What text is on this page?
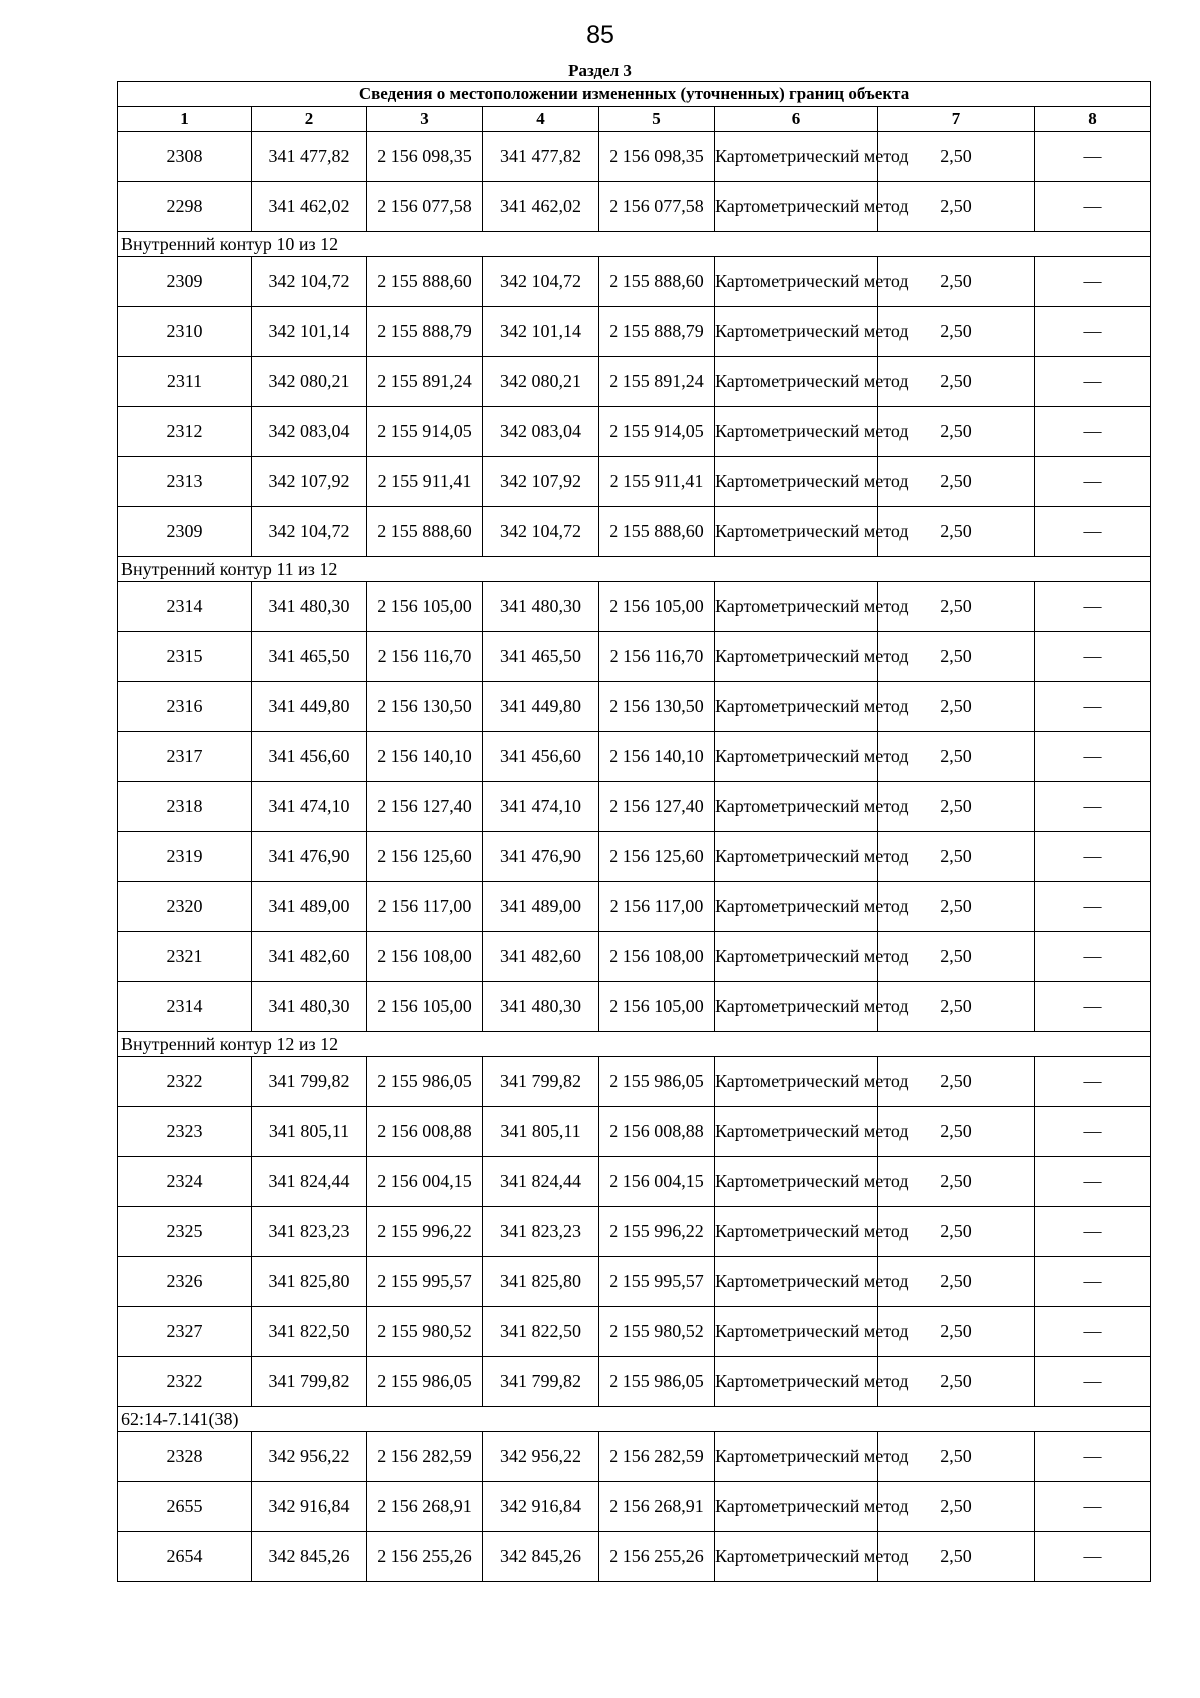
85
Раздел 3
Сведения о местоположении измененных (уточненных) границ объекта							
1	2	3	4	5	6	7	8
2308	341 477,82	2 156 098,35	341 477,82	2 156 098,35	Картометрический метод	2,50	—
2298	341 462,02	2 156 077,58	341 462,02	2 156 077,58	Картометрический метод	2,50	—
Внутренний контур 10 из 12							
2309	342 104,72	2 155 888,60	342 104,72	2 155 888,60	Картометрический метод	2,50	—
2310	342 101,14	2 155 888,79	342 101,14	2 155 888,79	Картометрический метод	2,50	—
2311	342 080,21	2 155 891,24	342 080,21	2 155 891,24	Картометрический метод	2,50	—
2312	342 083,04	2 155 914,05	342 083,04	2 155 914,05	Картометрический метод	2,50	—
2313	342 107,92	2 155 911,41	342 107,92	2 155 911,41	Картометрический метод	2,50	—
2309	342 104,72	2 155 888,60	342 104,72	2 155 888,60	Картометрический метод	2,50	—
Внутренний контур 11 из 12							
2314	341 480,30	2 156 105,00	341 480,30	2 156 105,00	Картометрический метод	2,50	—
2315	341 465,50	2 156 116,70	341 465,50	2 156 116,70	Картометрический метод	2,50	—
2316	341 449,80	2 156 130,50	341 449,80	2 156 130,50	Картометрический метод	2,50	—
2317	341 456,60	2 156 140,10	341 456,60	2 156 140,10	Картометрический метод	2,50	—
2318	341 474,10	2 156 127,40	341 474,10	2 156 127,40	Картометрический метод	2,50	—
2319	341 476,90	2 156 125,60	341 476,90	2 156 125,60	Картометрический метод	2,50	—
2320	341 489,00	2 156 117,00	341 489,00	2 156 117,00	Картометрический метод	2,50	—
2321	341 482,60	2 156 108,00	341 482,60	2 156 108,00	Картометрический метод	2,50	—
2314	341 480,30	2 156 105,00	341 480,30	2 156 105,00	Картометрический метод	2,50	—
Внутренний контур 12 из 12							
2322	341 799,82	2 155 986,05	341 799,82	2 155 986,05	Картометрический метод	2,50	—
2323	341 805,11	2 156 008,88	341 805,11	2 156 008,88	Картометрический метод	2,50	—
2324	341 824,44	2 156 004,15	341 824,44	2 156 004,15	Картометрический метод	2,50	—
2325	341 823,23	2 155 996,22	341 823,23	2 155 996,22	Картометрический метод	2,50	—
2326	341 825,80	2 155 995,57	341 825,80	2 155 995,57	Картометрический метод	2,50	—
2327	341 822,50	2 155 980,52	341 822,50	2 155 980,52	Картометрический метод	2,50	—
2322	341 799,82	2 155 986,05	341 799,82	2 155 986,05	Картометрический метод	2,50	—
62:14-7.141(38)							
2328	342 956,22	2 156 282,59	342 956,22	2 156 282,59	Картометрический метод	2,50	—
2655	342 916,84	2 156 268,91	342 916,84	2 156 268,91	Картометрический метод	2,50	—
2654	342 845,26	2 156 255,26	342 845,26	2 156 255,26	Картометрический метод	2,50	—
